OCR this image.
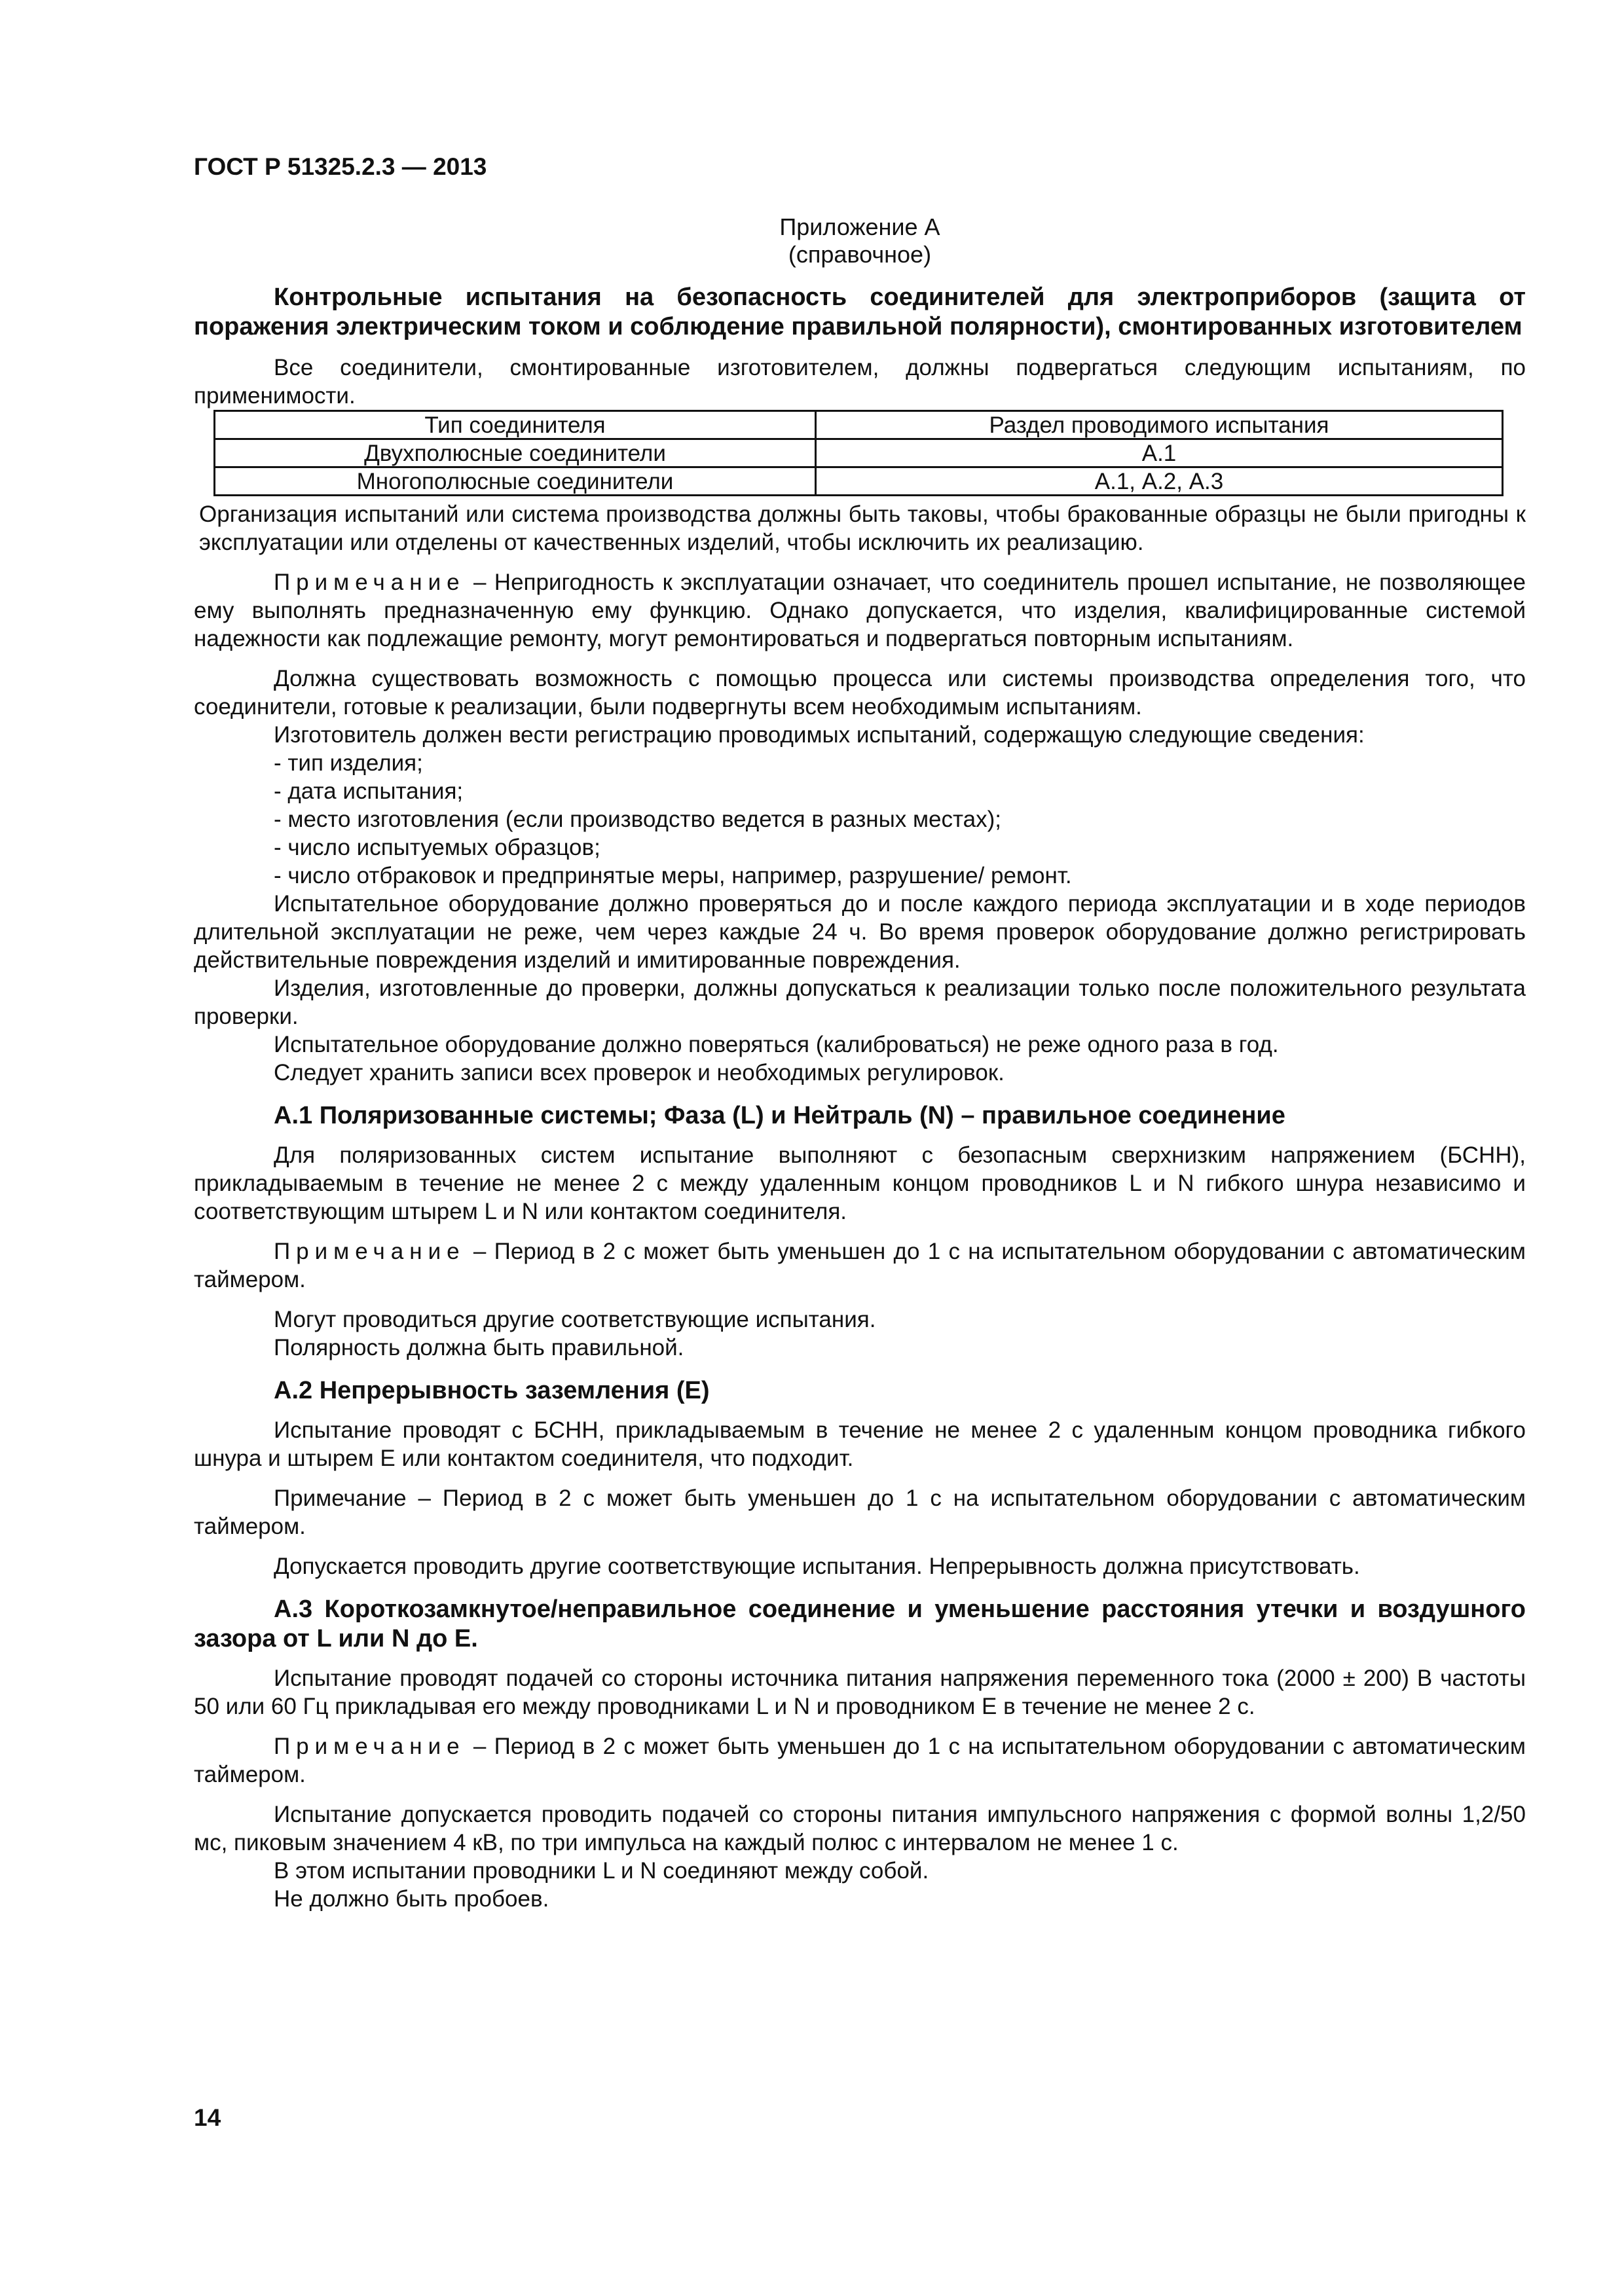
ГОСТ Р 51325.2.3 — 2013
Приложение А
(справочное)
Контрольные испытания на безопасность соединителей для электроприборов (защита от поражения электрическим током и соблюдение правильной полярности), смонтированных изготовителем

Все соединители, смонтированные изготовителем, должны подвергаться следующим испытаниям, по применимости.

Тип соединителя	Раздел проводимого испытания
Двухполюсные соединители	А.1
Многополюсные соединители	А.1, А.2, А.3

Организация испытаний или система производства должны быть таковы, чтобы бракованные образцы не были пригодны к эксплуатации или отделены от качественных изделий, чтобы исключить их реализацию.

Примечание – Непригодность к эксплуатации означает, что соединитель прошел испытание, не позволяющее ему выполнять предназначенную ему функцию. Однако допускается, что изделия, квалифицированные системой надежности как подлежащие ремонту, могут ремонтироваться и подвергаться повторным испытаниям.

Должна существовать возможность с помощью процесса или системы производства определения того, что соединители, готовые к реализации, были подвергнуты всем необходимым испытаниям.

Изготовитель должен вести регистрацию проводимых испытаний, содержащую следующие сведения:

- тип изделия;
- дата испытания;
- место изготовления (если производство ведется в разных местах);
- число испытуемых образцов;
- число отбраковок и предпринятые меры, например, разрушение/ ремонт.

Испытательное оборудование должно проверяться до и после каждого периода эксплуатации и в ходе периодов длительной эксплуатации не реже, чем через каждые 24 ч. Во время проверок оборудование должно регистрировать действительные повреждения изделий и имитированные повреждения.

Изделия, изготовленные до проверки, должны допускаться к реализации только после положительного результата проверки.

Испытательное оборудование должно поверяться (калиброваться) не реже одного раза в год.

Следует хранить записи всех проверок и необходимых регулировок.

А.1 Поляризованные системы; Фаза (L) и Нейтраль (N) – правильное соединение

Для поляризованных систем испытание выполняют с безопасным сверхнизким напряжением (БСНН), прикладываемым в течение не менее 2 с между удаленным концом проводников L и N гибкого шнура независимо и соответствующим штырем L и N или контактом соединителя.

Примечание – Период в 2 с может быть уменьшен до 1 с на испытательном оборудовании с автоматическим таймером.

Могут проводиться другие соответствующие испытания.

Полярность должна быть правильной.

А.2 Непрерывность заземления (Е)

Испытание проводят с БСНН, прикладываемым в течение не менее 2 с удаленным концом проводника гибкого шнура и штырем Е или контактом соединителя, что подходит.

Примечание – Период в 2 с может быть уменьшен до 1 с на испытательном оборудовании с автоматическим таймером.

Допускается проводить другие соответствующие испытания. Непрерывность должна присутствовать.

А.3 Короткозамкнутое/неправильное соединение и уменьшение расстояния утечки и воздушного зазора от L или N до E.

Испытание проводят подачей со стороны источника питания напряжения переменного тока (2000 ± 200) В частоты 50 или 60 Гц прикладывая его между проводниками L и N и проводником Е в течение не менее 2 с.

Примечание – Период в 2 с может быть уменьшен до 1 с на испытательном оборудовании с автоматическим таймером.

Испытание допускается проводить подачей со стороны питания импульсного напряжения с формой волны 1,2/50 мс, пиковым значением 4 кВ, по три импульса на каждый полюс с интервалом не менее 1 с.

В этом испытании проводники L и N соединяют между собой.

Не должно быть пробоев.

14
